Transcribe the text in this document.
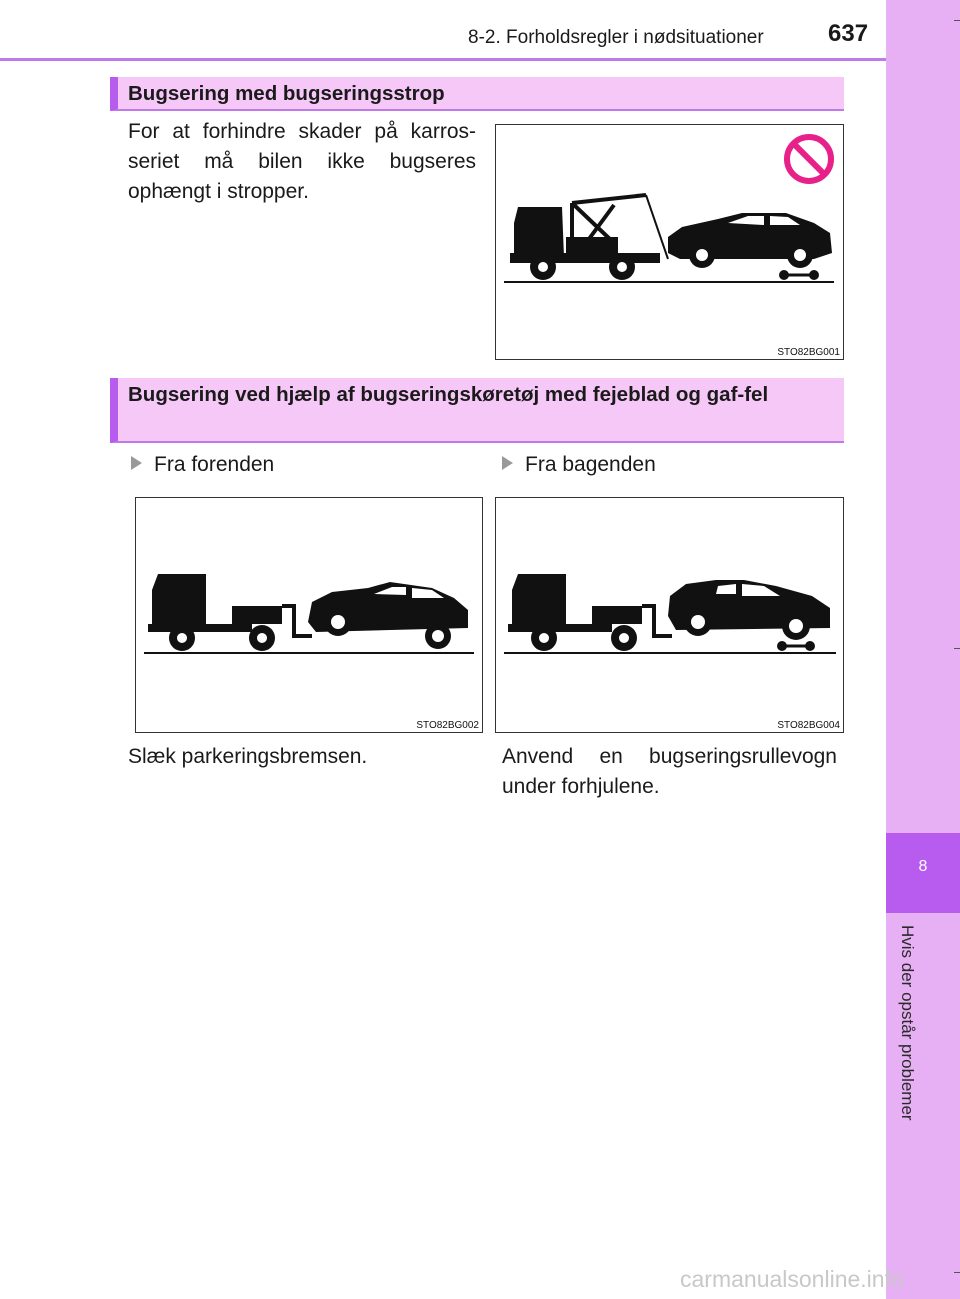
8
Hvis der opstår problemer
8-2. Forholdsregler i nødsituationer	637
Bugsering med bugseringsstrop
For at forhindre skader på karros-seriet må bilen ikke bugseres ophængt i stropper.
STO82BG001
Bugsering ved hjælp af bugseringskøretøj med fejeblad og gaf-fel
Fra forenden	Fra bagenden
STO82BG002	STO82BG004
Slæk parkeringsbremsen.	Anvend en bugseringsrullevogn under forhjulene.
carmanualsonline.info
